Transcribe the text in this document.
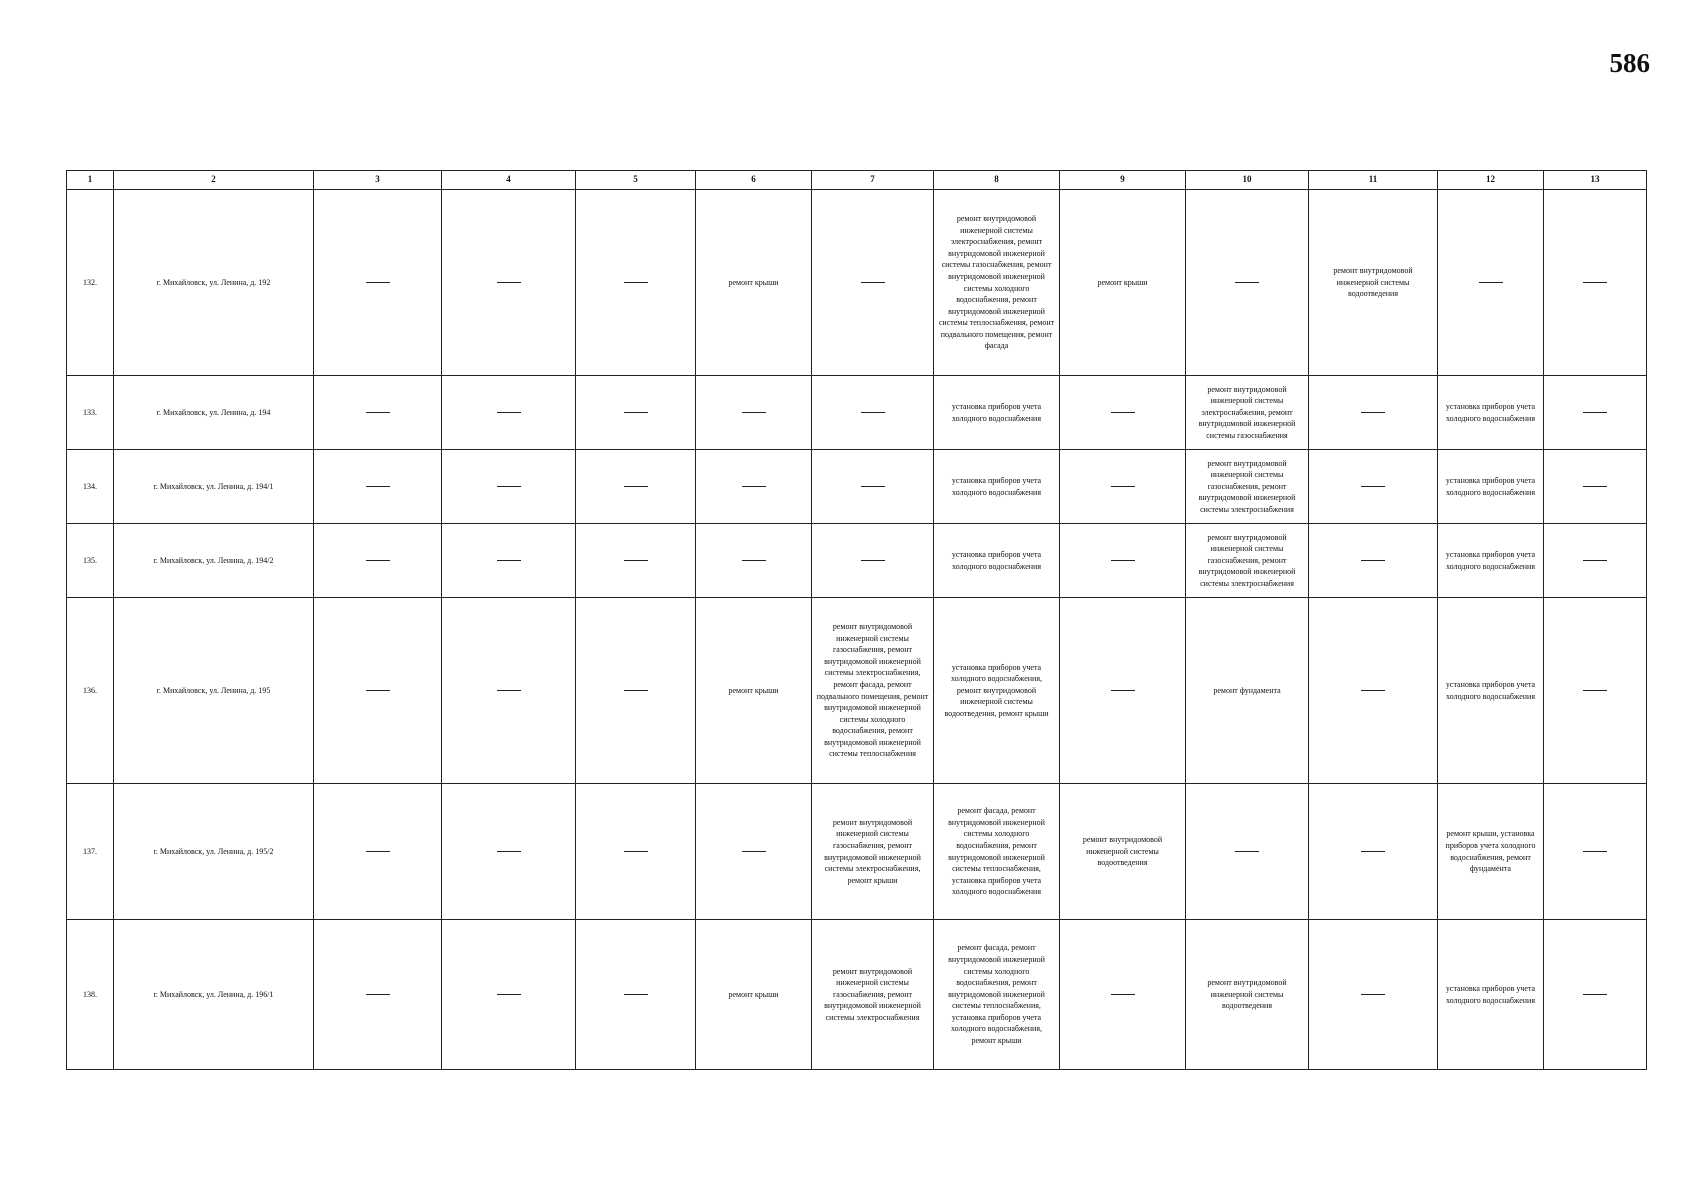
586
1	2	3	4	5	6	7	8	9	10	11	12	13
132.	г. Михайловск, ул. Ленина, д. 192				ремонт крыши		ремонт внутридомовой инженерной системы электроснабжения, ремонт внутридомовой инженерной системы газоснабжения, ремонт внутридомовой инженерной системы холодного водоснабжения, ремонт внутридомовой инженерной системы теплоснабжения, ремонт подвального помещения, ремонт фасада	ремонт крыши		ремонт внутридомовой инженерной системы водоотведения		
133.	г. Михайловск, ул. Ленина, д. 194						установка приборов учета холодного водоснабжения		ремонт внутридомовой инженерной системы электроснабжения, ремонт внутридомовой инженерной системы газоснабжения		установка приборов учета холодного водоснабжения	
134.	г. Михайловск, ул. Ленина, д. 194/1						установка приборов учета холодного водоснабжения		ремонт внутридомовой инженерной системы газоснабжения, ремонт внутридомовой инженерной системы электроснабжения		установка приборов учета холодного водоснабжения	
135.	г. Михайловск, ул. Ленина, д. 194/2						установка приборов учета холодного водоснабжения		ремонт внутридомовой инженерной системы газоснабжения, ремонт внутридомовой инженерной системы электроснабжения		установка приборов учета холодного водоснабжения	
136.	г. Михайловск, ул. Ленина, д. 195				ремонт крыши	ремонт внутридомовой инженерной системы газоснабжения, ремонт внутридомовой инженерной системы электроснабжения, ремонт фасада, ремонт подвального помещения, ремонт внутридомовой инженерной системы холодного водоснабжения, ремонт внутридомовой инженерной системы теплоснабжения	установка приборов учета холодного водоснабжения, ремонт внутридомовой инженерной системы водоотведения, ремонт крыши		ремонт фундамента		установка приборов учета холодного водоснабжения	
137.	г. Михайловск, ул. Ленина, д. 195/2					ремонт внутридомовой инженерной системы газоснабжения, ремонт внутридомовой инженерной системы электроснабжения, ремонт крыши	ремонт фасада, ремонт внутридомовой инженерной системы холодного водоснабжения, ремонт внутридомовой инженерной системы теплоснабжения, установка приборов учета холодного водоснабжения	ремонт внутридомовой инженерной системы водоотведения			ремонт крыши, установка приборов учета холодного водоснабжения, ремонт фундамента	
138.	г. Михайловск, ул. Ленина, д. 196/1				ремонт крыши	ремонт внутридомовой инженерной системы газоснабжения, ремонт внутридомовой инженерной системы электроснабжения	ремонт фасада, ремонт внутридомовой инженерной системы холодного водоснабжения, ремонт внутридомовой инженерной системы теплоснабжения, установка приборов учета холодного водоснабжения, ремонт крыши		ремонт внутридомовой инженерной системы водоотведения		установка приборов учета холодного водоснабжения	
